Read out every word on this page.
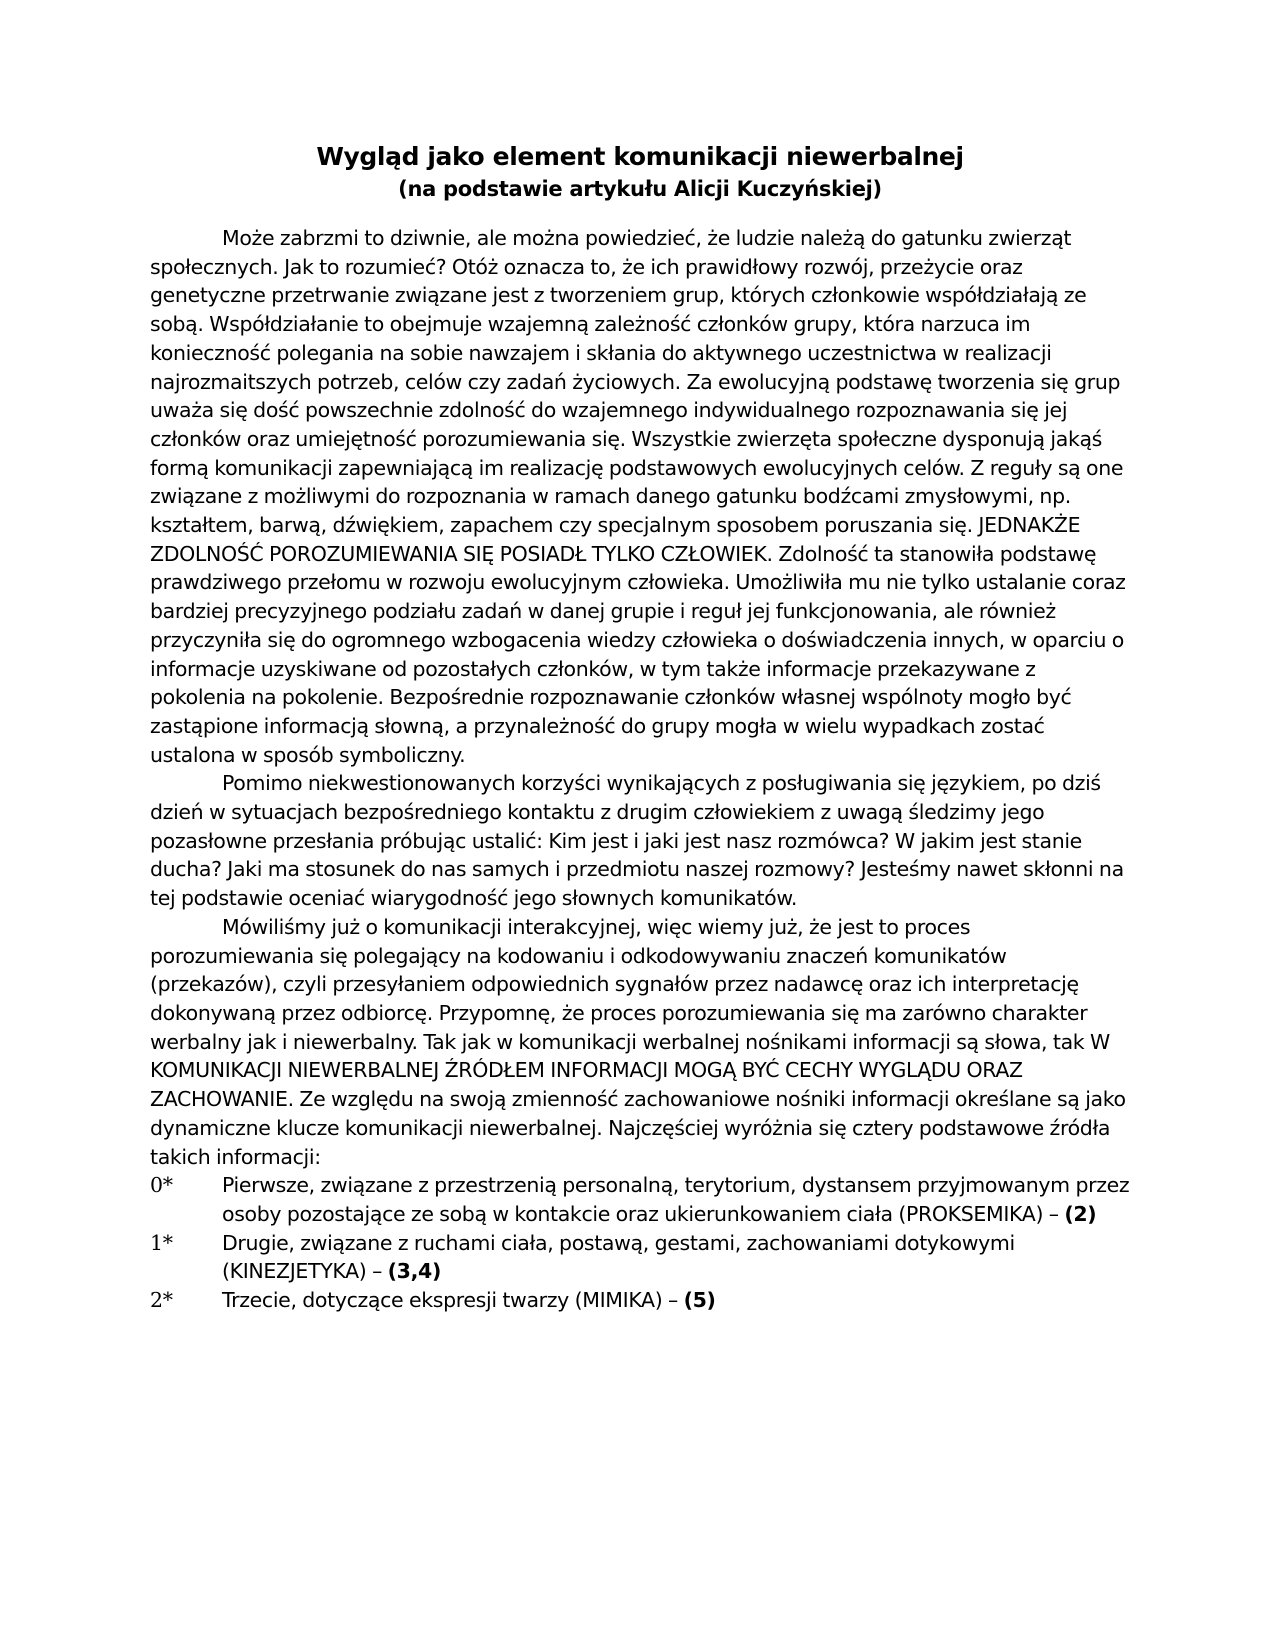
Wygląd jako element komunikacji niewerbalnej
(na podstawie artykułu Alicji Kuczyńskiej)

Może zabrzmi to dziwnie, ale można powiedzieć, że ludzie należą do gatunku zwierząt społecznych. Jak to rozumieć? Otóż oznacza to, że ich prawidłowy rozwój, przeżycie oraz genetyczne przetrwanie związane jest z tworzeniem grup, których członkowie współdziałają ze sobą. Współdziałanie to obejmuje wzajemną zależność członków grupy, która narzuca im konieczność polegania na sobie nawzajem i skłania do aktywnego uczestnictwa w realizacji najrozmaitszych potrzeb, celów czy zadań życiowych. Za ewolucyjną podstawę tworzenia się grup uważa się dość powszechnie zdolność do wzajemnego indywidualnego rozpoznawania się jej członków oraz umiejętność porozumiewania się. Wszystkie zwierzęta społeczne dysponują jakąś formą komunikacji zapewniającą im realizację podstawowych ewolucyjnych celów. Z reguły są one związane z możliwymi do rozpoznania w ramach danego gatunku bodźcami zmysłowymi, np. kształtem, barwą, dźwiękiem, zapachem czy specjalnym sposobem poruszania się. JEDNAKŻE ZDOLNOŚĆ POROZUMIEWANIA SIĘ POSIADŁ TYLKO CZŁOWIEK. Zdolność ta stanowiła podstawę prawdziwego przełomu w rozwoju ewolucyjnym człowieka. Umożliwiła mu nie tylko ustalanie coraz bardziej precyzyjnego podziału zadań w danej grupie i reguł jej funkcjonowania, ale również przyczyniła się do ogromnego wzbogacenia wiedzy człowieka o doświadczenia innych, w oparciu o informacje uzyskiwane od pozostałych członków, w tym także informacje przekazywane z pokolenia na pokolenie. Bezpośrednie rozpoznawanie członków własnej wspólnoty mogło być zastąpione informacją słowną, a przynależność do grupy mogła w wielu wypadkach zostać ustalona w sposób symboliczny.

Pomimo niekwestionowanych korzyści wynikających z posługiwania się językiem, po dziś dzień w sytuacjach bezpośredniego kontaktu z drugim człowiekiem z uwagą śledzimy jego pozasłowne przesłania próbując ustalić: Kim jest i jaki jest nasz rozmówca? W jakim jest stanie ducha? Jaki ma stosunek do nas samych i przedmiotu naszej rozmowy? Jesteśmy nawet skłonni na tej podstawie oceniać wiarygodność jego słownych komunikatów.

Mówiliśmy już o komunikacji interakcyjnej, więc wiemy już, że jest to proces porozumiewania się polegający na kodowaniu i odkodowywaniu znaczeń komunikatów (przekazów), czyli przesyłaniem odpowiednich sygnałów przez nadawcę oraz ich interpretację dokonywaną przez odbiorcę. Przypomnę, że proces porozumiewania się ma zarówno charakter werbalny jak i niewerbalny. Tak jak w komunikacji werbalnej nośnikami informacji są słowa, tak W KOMUNIKACJI NIEWERBALNEJ ŹRÓDŁEM INFORMACJI MOGĄ BYĆ CECHY WYGLĄDU ORAZ ZACHOWANIE. Ze względu na swoją zmienność zachowaniowe nośniki informacji określane są jako dynamiczne klucze komunikacji niewerbalnej. Najczęściej wyróżnia się cztery podstawowe źródła takich informacji:

0*	Pierwsze, związane z przestrzenią personalną, terytorium, dystansem przyjmowanym przez osoby pozostające ze sobą w kontakcie oraz ukierunkowaniem ciała (PROKSEMIKA) – (2)
1*	Drugie, związane z ruchami ciała, postawą, gestami, zachowaniami dotykowymi (KINEZJETYKA) – (3,4)
2*	Trzecie, dotyczące ekspresji twarzy (MIMIKA) – (5)
